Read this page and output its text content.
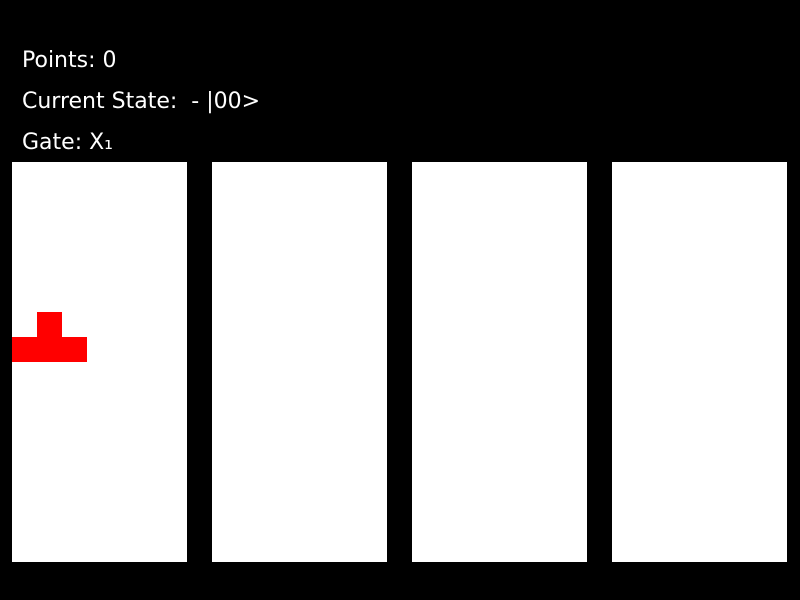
Points: 0
Current State:  - |00>
Gate: X₁
